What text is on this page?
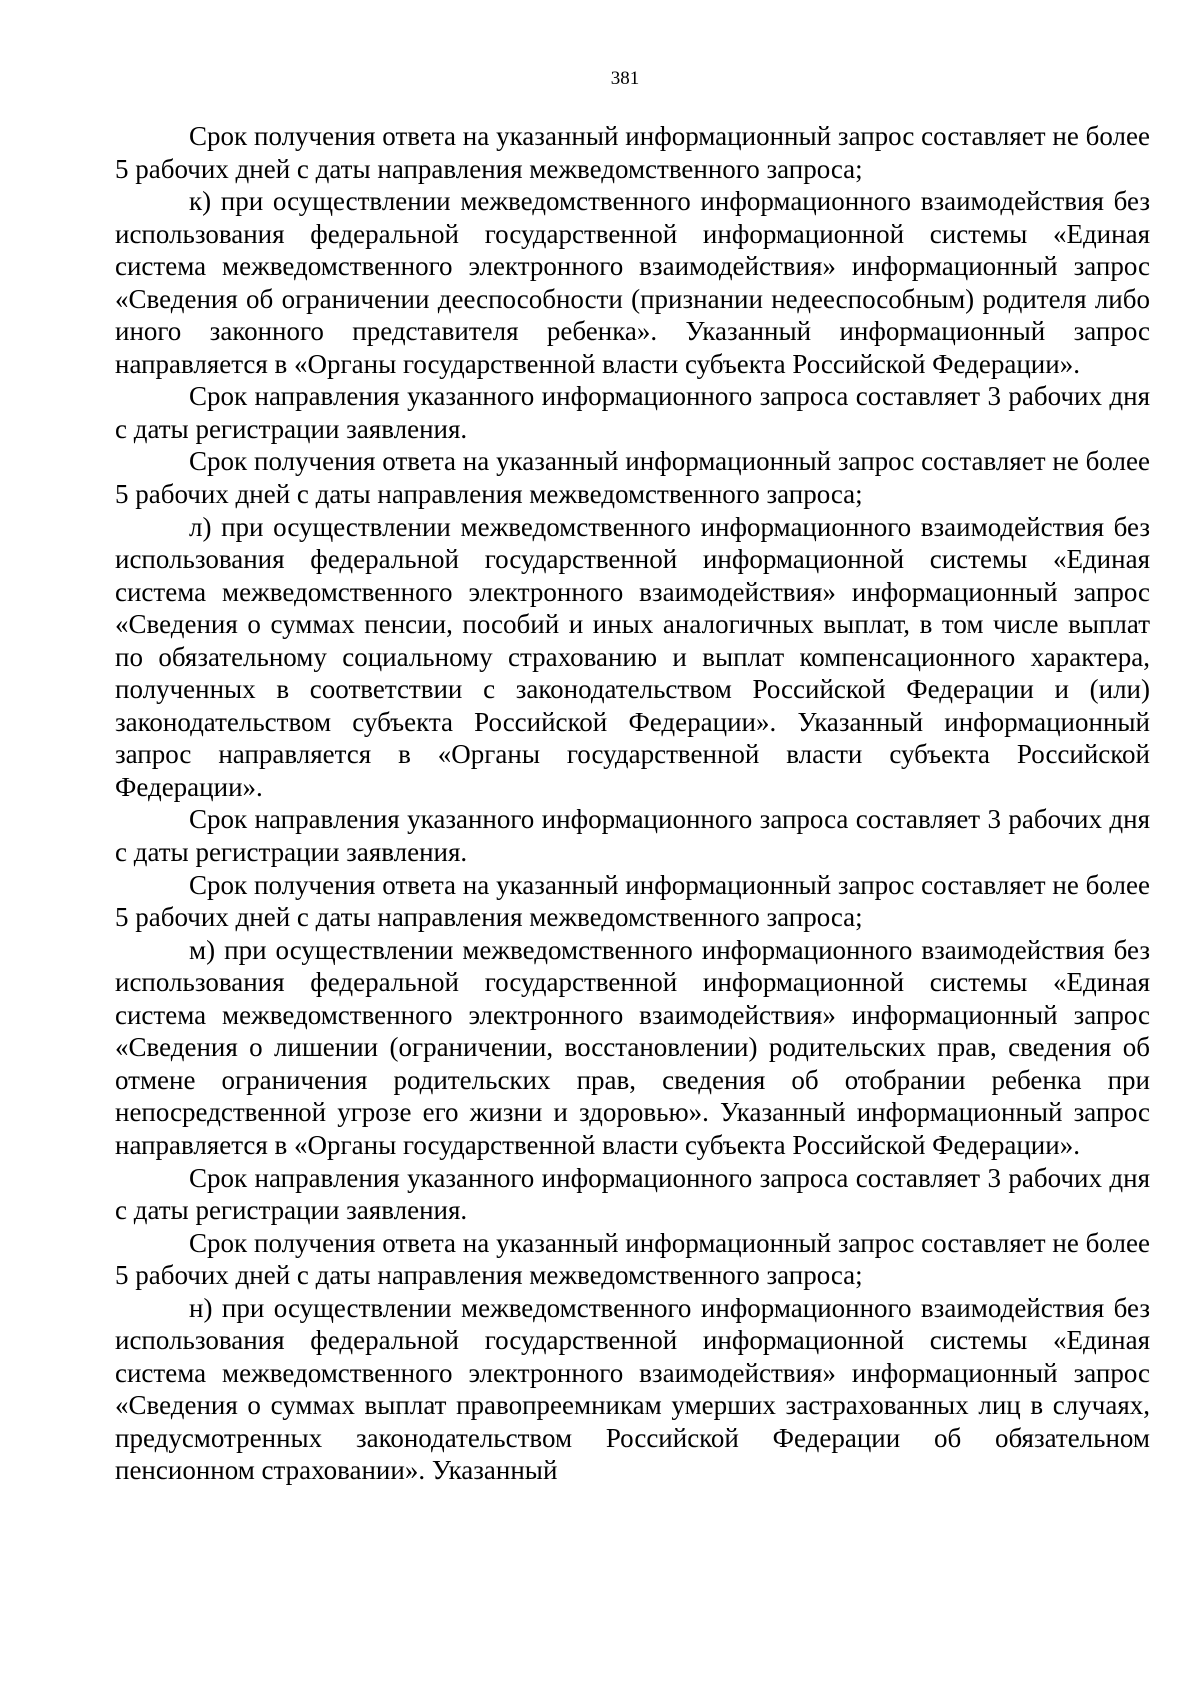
381

Срок получения ответа на указанный информационный запрос составляет не более 5 рабочих дней с даты направления межведомственного запроса;

к) при осуществлении межведомственного информационного взаимодействия без использования федеральной государственной информационной системы «Единая система межведомственного электронного взаимодействия» информационный запрос «Сведения об ограничении дееспособности (признании недееспособным) родителя либо иного законного представителя ребенка». Указанный информационный запрос направляется в «Органы государственной власти субъекта Российской Федерации».

Срок направления указанного информационного запроса составляет 3 рабочих дня с даты регистрации заявления.

Срок получения ответа на указанный информационный запрос составляет не более 5 рабочих дней с даты направления межведомственного запроса;

л) при осуществлении межведомственного информационного взаимодействия без использования федеральной государственной информационной системы «Единая система межведомственного электронного взаимодействия» информационный запрос «Сведения о суммах пенсии, пособий и иных аналогичных выплат, в том числе выплат по обязательному социальному страхованию и выплат компенсационного характера, полученных в соответствии с законодательством Российской Федерации и (или) законодательством субъекта Российской Федерации». Указанный информационный запрос направляется в «Органы государственной власти субъекта Российской Федерации».

Срок направления указанного информационного запроса составляет 3 рабочих дня с даты регистрации заявления.

Срок получения ответа на указанный информационный запрос составляет не более 5 рабочих дней с даты направления межведомственного запроса;

м) при осуществлении межведомственного информационного взаимодействия без использования федеральной государственной информационной системы «Единая система межведомственного электронного взаимодействия» информационный запрос «Сведения о лишении (ограничении, восстановлении) родительских прав, сведения об отмене ограничения родительских прав, сведения об отобрании ребенка при непосредственной угрозе его жизни и здоровью». Указанный информационный запрос направляется в «Органы государственной власти субъекта Российской Федерации».

Срок направления указанного информационного запроса составляет 3 рабочих дня с даты регистрации заявления.

Срок получения ответа на указанный информационный запрос составляет не более 5 рабочих дней с даты направления межведомственного запроса;

н) при осуществлении межведомственного информационного взаимодействия без использования федеральной государственной информационной системы «Единая система межведомственного электронного взаимодействия» информационный запрос «Сведения о суммах выплат правопреемникам умерших застрахованных лиц в случаях, предусмотренных законодательством Российской Федерации об обязательном пенсионном страховании». Указанный
